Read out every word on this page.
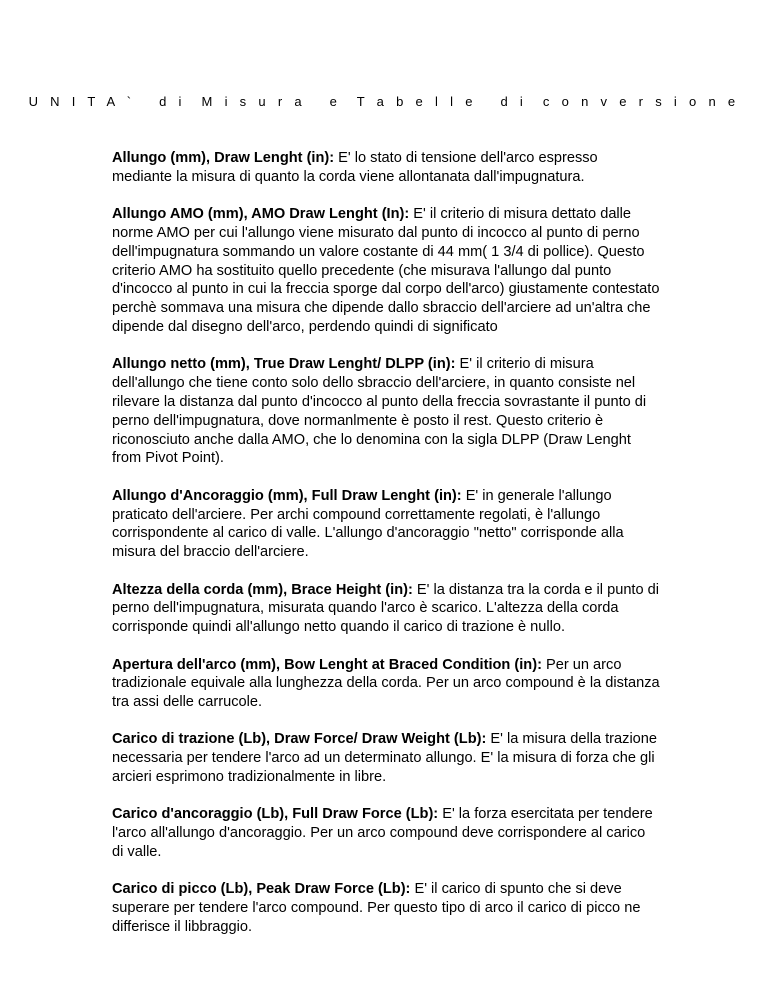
U N I T A `   d i  M i s u r a   e  T a b e l l e   d i  c o n v e r s i o n e

Allungo (mm), Draw Lenght (in): E' lo stato di tensione dell'arco espresso mediante la misura di quanto la corda viene allontanata dall'impugnatura.

Allungo AMO (mm), AMO Draw Lenght (In): E' il criterio di misura dettato dalle norme AMO per cui l'allungo viene misurato dal punto di incocco al punto di perno dell'impugnatura sommando un valore costante di 44 mm( 1 3/4 di pollice). Questo criterio AMO ha sostituito quello precedente (che misurava l'allungo dal punto d'incocco al punto in cui la freccia sporge dal corpo dell'arco) giustamente contestato perchè sommava una misura che dipende dallo sbraccio dell'arciere ad un'altra che dipende dal disegno dell'arco, perdendo quindi di significato

Allungo netto (mm), True Draw Lenght/ DLPP (in): E' il criterio di misura dell'allungo che tiene conto solo dello sbraccio dell'arciere, in quanto consiste nel rilevare la distanza dal punto d'incocco al punto della freccia sovrastante il punto di perno dell'impugnatura, dove normanlmente è posto il rest. Questo criterio è riconosciuto anche dalla AMO, che lo denomina con la sigla DLPP (Draw Lenght from Pivot Point).

Allungo d'Ancoraggio (mm), Full Draw Lenght (in): E' in generale l'allungo praticato dell'arciere. Per archi compound correttamente regolati, è l'allungo corrispondente al carico di valle. L'allungo d'ancoraggio "netto" corrisponde alla misura del braccio dell'arciere.

Altezza della corda (mm), Brace Height (in): E' la distanza tra la corda e il punto di perno dell'impugnatura, misurata quando l'arco è scarico. L'altezza della corda corrisponde quindi all'allungo netto quando il carico di trazione è nullo.

Apertura dell'arco (mm), Bow Lenght at Braced Condition (in): Per un arco tradizionale equivale alla lunghezza della corda. Per un arco compound è la distanza tra assi delle carrucole.

Carico di trazione (Lb), Draw Force/ Draw Weight (Lb): E' la misura della trazione necessaria per tendere l'arco ad un determinato allungo. E' la misura di forza che gli arcieri esprimono tradizionalmente in libre.

Carico d'ancoraggio (Lb), Full Draw Force (Lb): E' la forza esercitata per tendere l'arco all'allungo d'ancoraggio. Per un arco compound deve corrispondere al carico di valle.

Carico di picco (Lb), Peak Draw Force (Lb): E' il carico di spunto che si deve superare per tendere l'arco compound. Per questo tipo di arco il carico di picco ne differisce il libbraggio.
